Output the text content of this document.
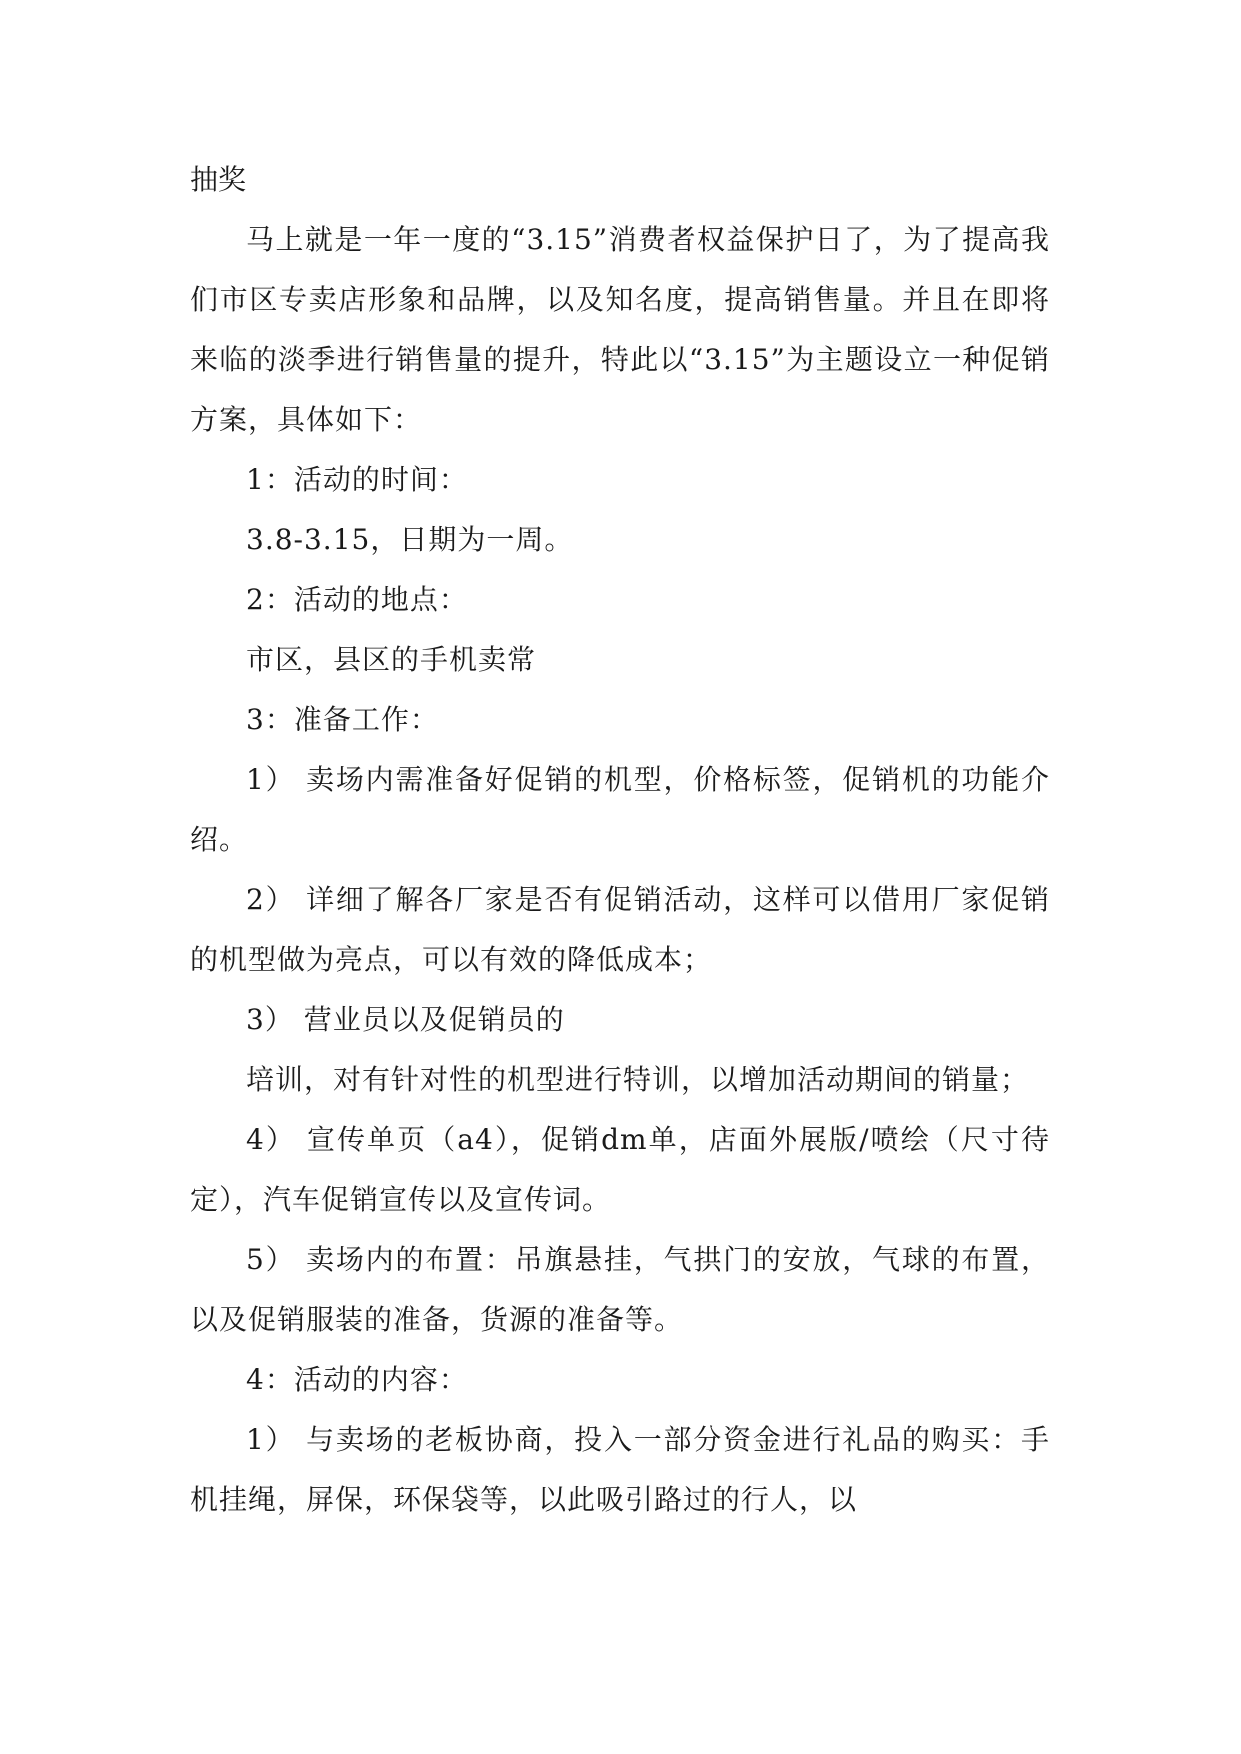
抽奖

马上就是一年一度的“3.15”消费者权益保护日了，为了提高我们市区专卖店形象和品牌，以及知名度，提高销售量。并且在即将来临的淡季进行销售量的提升，特此以“3.15”为主题设立一种促销方案，具体如下：

1：活动的时间：

3.8-3.15，日期为一周。

2：活动的地点：

市区，县区的手机卖常

3：准备工作：

1） 卖场内需准备好促销的机型，价格标签，促销机的功能介绍。

2） 详细了解各厂家是否有促销活动，这样可以借用厂家促销的机型做为亮点，可以有效的降低成本；

3） 营业员以及促销员的

培训，对有针对性的机型进行特训，以增加活动期间的销量；

4） 宣传单页（a4），促销dm单，店面外展版/喷绘（尺寸待定），汽车促销宣传以及宣传词。

5） 卖场内的布置：吊旗悬挂，气拱门的安放，气球的布置，以及促销服装的准备，货源的准备等。

4：活动的内容：

1） 与卖场的老板协商，投入一部分资金进行礼品的购买：手机挂绳，屏保，环保袋等，以此吸引路过的行人，以
